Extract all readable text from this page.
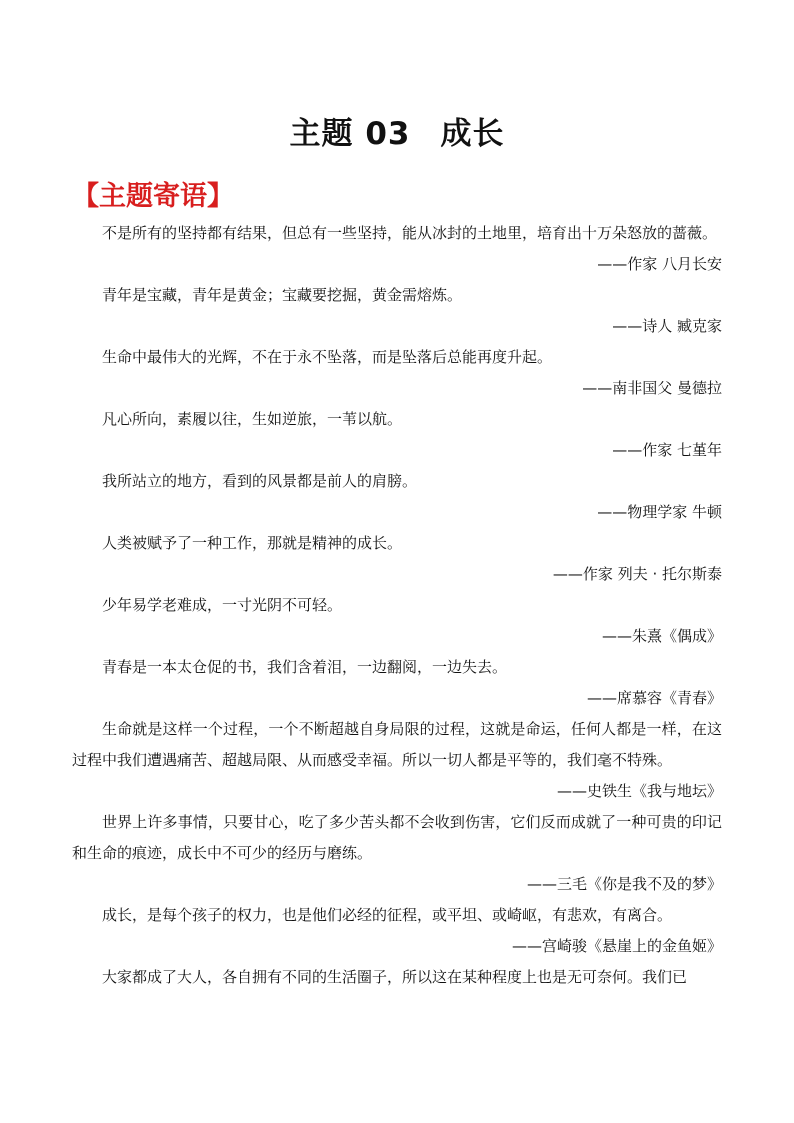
主题 03 成长
【主题寄语】

不是所有的坚持都有结果，但总有一些坚持，能从冰封的土地里，培育出十万朵怒放的蔷薇。

——作家 八月长安

青年是宝藏，青年是黄金；宝藏要挖掘，黄金需熔炼。

——诗人 臧克家

生命中最伟大的光辉，不在于永不坠落，而是坠落后总能再度升起。

——南非国父 曼德拉

凡心所向，素履以往，生如逆旅，一苇以航。

——作家 七堇年

我所站立的地方，看到的风景都是前人的肩膀。

——物理学家 牛顿

人类被赋予了一种工作，那就是精神的成长。

——作家 列夫 · 托尔斯泰

少年易学老难成，一寸光阴不可轻。

——朱熹《偶成》

青春是一本太仓促的书，我们含着泪，一边翻阅，一边失去。

——席慕容《青春》

生命就是这样一个过程，一个不断超越自身局限的过程，这就是命运，任何人都是一样，在这过程中我们遭遇痛苦、超越局限、从而感受幸福。所以一切人都是平等的，我们毫不特殊。

——史铁生《我与地坛》

世界上许多事情，只要甘心，吃了多少苦头都不会收到伤害，它们反而成就了一种可贵的印记和生命的痕迹，成长中不可少的经历与磨练。

——三毛《你是我不及的梦》

成长，是每个孩子的权力，也是他们必经的征程，或平坦、或崎岖，有悲欢，有离合。

——宫崎骏《悬崖上的金鱼姬》

大家都成了大人，各自拥有不同的生活圈子，所以这在某种程度上也是无可奈何。我们已
